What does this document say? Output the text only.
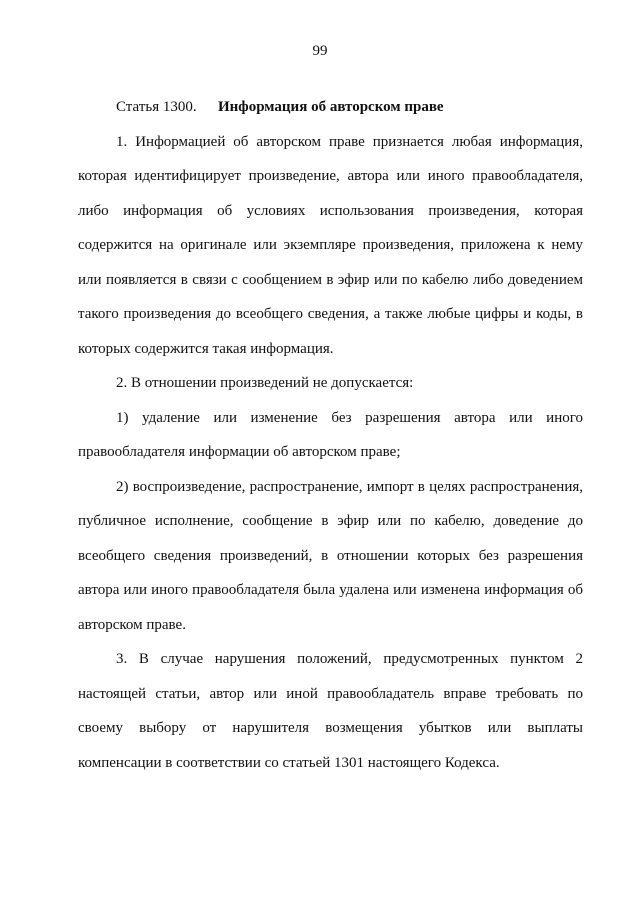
99

Статья 1300. Информация об авторском праве

1. Информацией об авторском праве признается любая информация, которая идентифицирует произведение, автора или иного правообладателя, либо информация об условиях использования произведения, которая содержится на оригинале или экземпляре произведения, приложена к нему или появляется в связи с сообщением в эфир или по кабелю либо доведением такого произведения до всеобщего сведения, а также любые цифры и коды, в которых содержится такая информация.

2. В отношении произведений не допускается:

1) удаление или изменение без разрешения автора или иного правообладателя информации об авторском праве;

2) воспроизведение, распространение, импорт в целях распространения, публичное исполнение, сообщение в эфир или по кабелю, доведение до всеобщего сведения произведений, в отношении которых без разрешения автора или иного правообладателя была удалена или изменена информация об авторском праве.

3. В случае нарушения положений, предусмотренных пунктом 2 настоящей статьи, автор или иной правообладатель вправе требовать по своему выбору от нарушителя возмещения убытков или выплаты компенсации в соответствии со статьей 1301 настоящего Кодекса.
